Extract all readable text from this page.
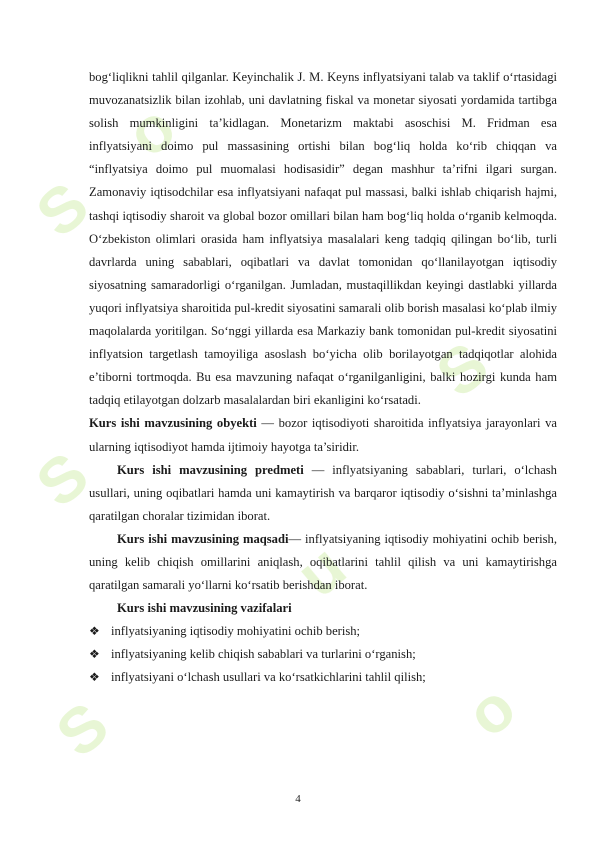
S
o
S
S
S
o
u

bog‘liqlikni tahlil qilganlar. Keyinchalik J. M. Keyns inflyatsiyani talab va taklif o‘rtasidagi muvozanatsizlik bilan izohlab, uni davlatning fiskal va monetar siyosati yordamida tartibga solish mumkinligini ta’kidlagan. Monetarizm maktabi asoschisi M. Fridman esa inflyatsiyani doimo pul massasining ortishi bilan bog‘liq holda ko‘rib chiqqan va “inflyatsiya doimo pul muomalasi hodisasidir” degan mashhur ta’rifni ilgari surgan. Zamonaviy iqtisodchilar esa inflyatsiyani nafaqat pul massasi, balki ishlab chiqarish hajmi, tashqi iqtisodiy sharoit va global bozor omillari bilan ham bog‘liq holda o‘rganib kelmoqda. O‘zbekiston olimlari orasida ham inflyatsiya masalalari keng tadqiq qilingan bo‘lib, turli davrlarda uning sabablari, oqibatlari va davlat tomonidan qo‘llanilayotgan iqtisodiy siyosatning samaradorligi o‘rganilgan. Jumladan, mustaqillikdan keyingi dastlabki yillarda yuqori inflyatsiya sharoitida pul-kredit siyosatini samarali olib borish masalasi ko‘plab ilmiy maqolalarda yoritilgan. So‘nggi yillarda esa Markaziy bank tomonidan pul-kredit siyosatini inflyatsion targetlash tamoyiliga asoslash bo‘yicha olib borilayotgan tadqiqotlar alohida e’tiborni tortmoqda. Bu esa mavzuning nafaqat o‘rganilganligini, balki hozirgi kunda ham tadqiq etilayotgan dolzarb masalalardan biri ekanligini ko‘rsatadi.

Kurs ishi mavzusining obyekti — bozor iqtisodiyoti sharoitida inflyatsiya jarayonlari va ularning iqtisodiyot hamda ijtimoiy hayotga ta’siridir.

Kurs ishi mavzusining predmeti — inflyatsiyaning sabablari, turlari, o‘lchash usullari, uning oqibatlari hamda uni kamaytirish va barqaror iqtisodiy o‘sishni ta’minlashga qaratilgan choralar tizimidan iborat.

Kurs ishi mavzusining maqsadi— inflyatsiyaning iqtisodiy mohiyatini ochib berish, uning kelib chiqish omillarini aniqlash, oqibatlarini tahlil qilish va uni kamaytirishga qaratilgan samarali yo‘llarni ko‘rsatib berishdan iborat.

Kurs ishi mavzusining vazifalari

❖ inflyatsiyaning iqtisodiy mohiyatini ochib berish;
❖ inflyatsiyaning kelib chiqish sabablari va turlarini o‘rganish;
❖ inflyatsiyani o‘lchash usullari va ko‘rsatkichlarini tahlil qilish;
4
